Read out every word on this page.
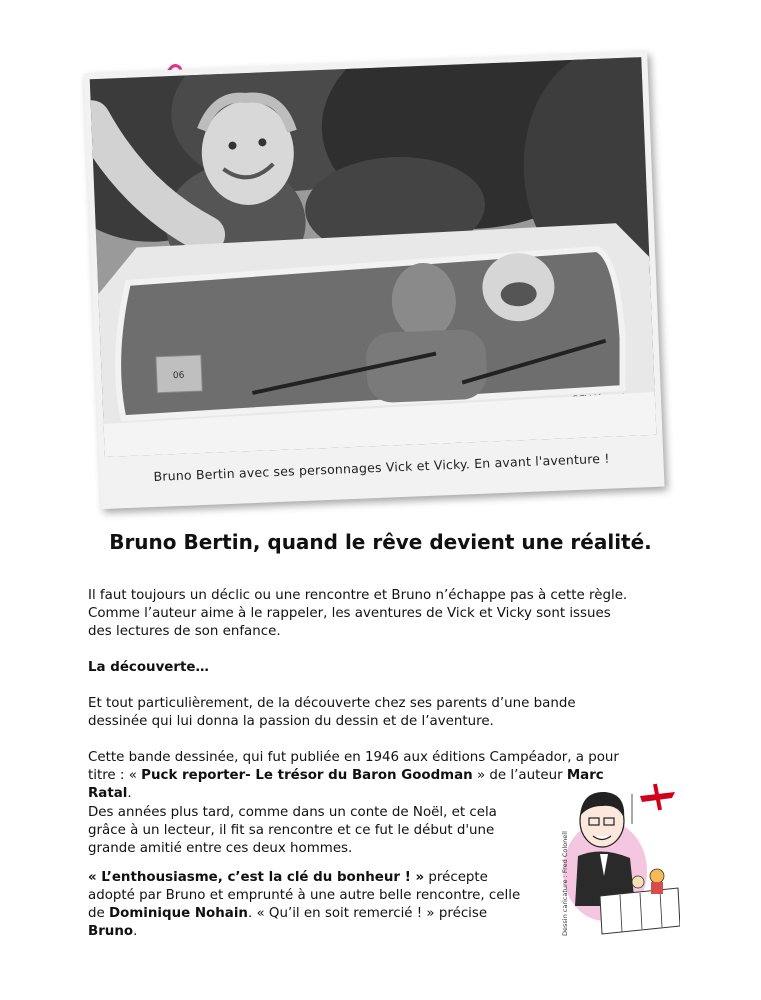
06
Bruno Bertin avec ses personnages Vick et Vicky. En avant l'aventure !
Bruno Bertin, quand le rêve devient une réalité.

Il faut toujours un déclic ou une rencontre et Bruno n’échappe pas à cette règle. Comme l’auteur aime à le rappeler, les aventures de Vick et Vicky sont issues des lectures de son enfance.

La découverte…

Et tout particulièrement, de la découverte chez ses parents d’une bande dessinée qui lui donna la passion du dessin et de l’aventure.

Cette bande dessinée, qui fut publiée en 1946 aux éditions Campéador, a pour titre : « Puck reporter- Le trésor du Baron Goodman » de l’auteur Marc Ratal.

Des années plus tard, comme dans un conte de Noël, et cela grâce à un lecteur, il fit sa rencontre et ce fut le début d'une grande amitié entre ces deux hommes.

« L’enthousiasme, c’est la clé du bonheur ! » précepte adopté par Bruno et emprunté à une autre belle rencontre, celle de Dominique Nohain. « Qu’il en soit remercié ! » précise Bruno.	Dessin caricature : Fred Colonell
